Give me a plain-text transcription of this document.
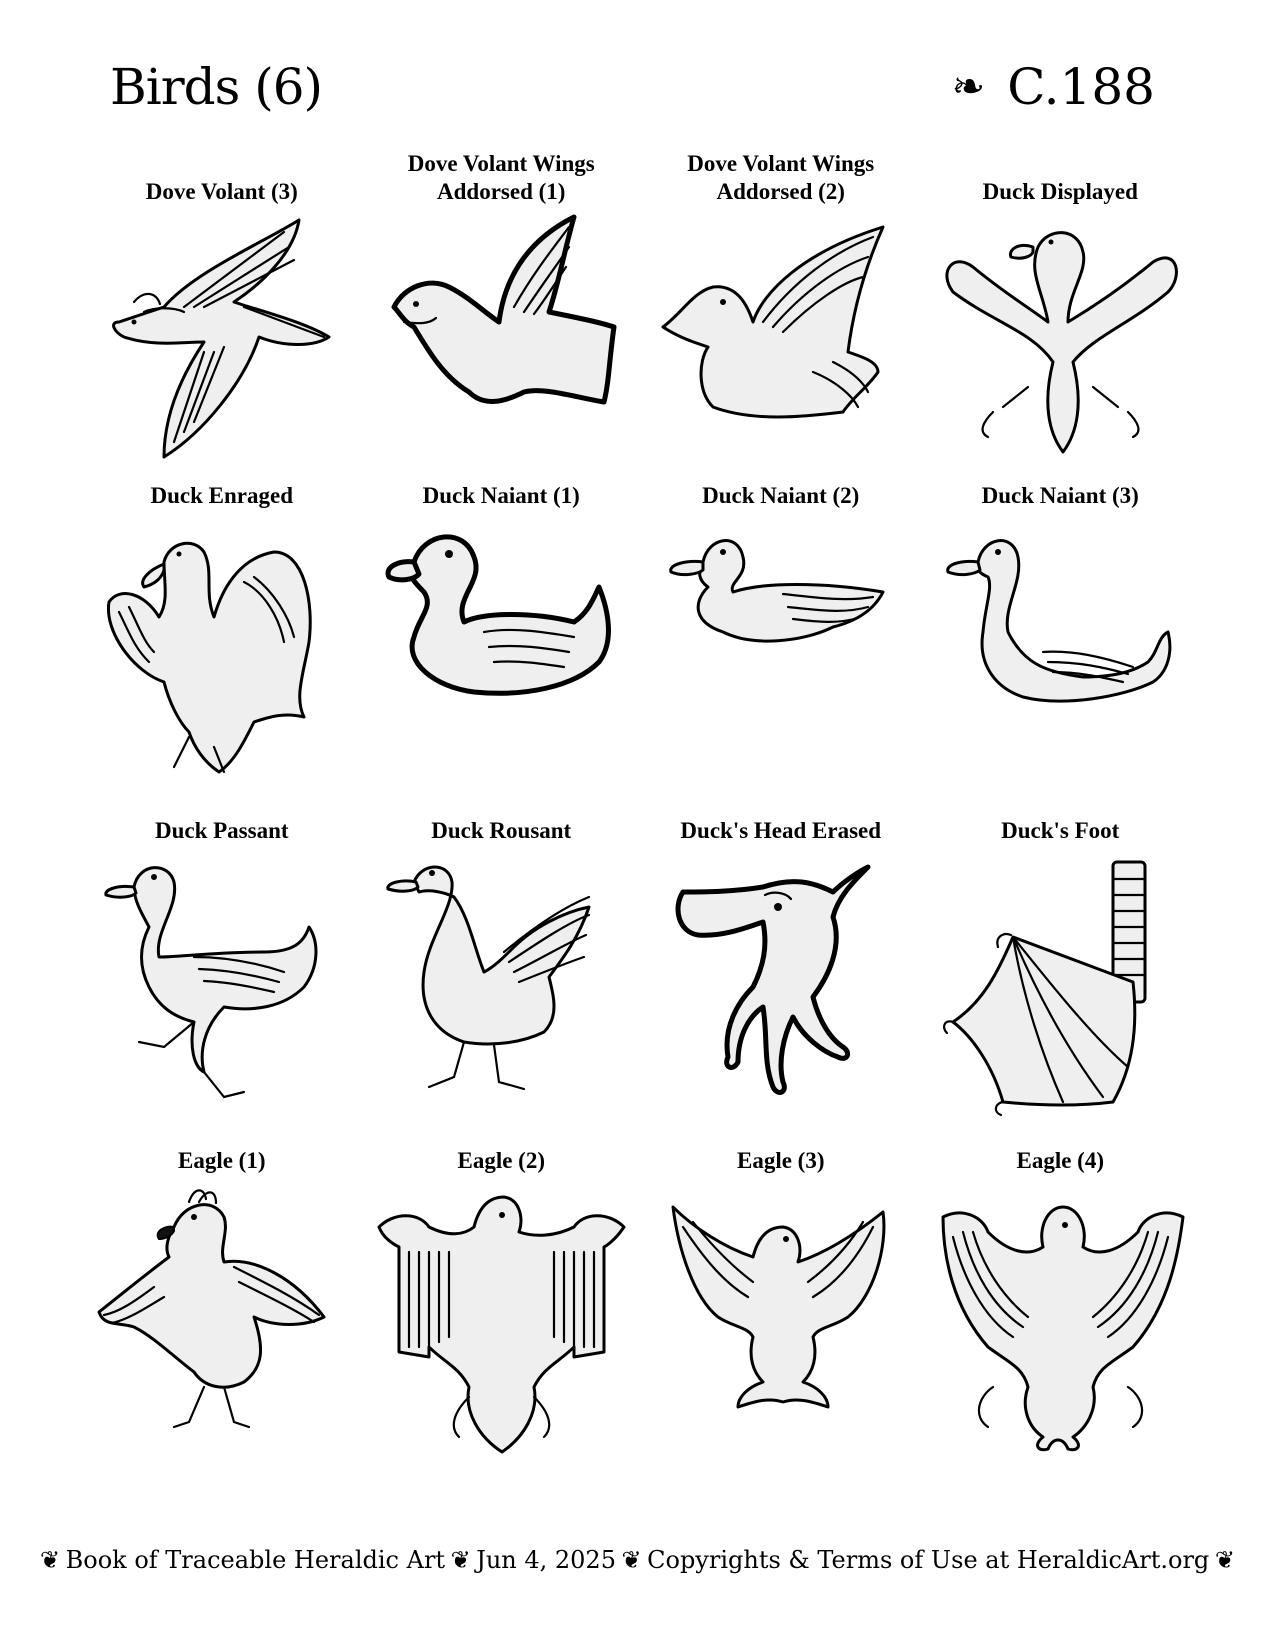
Birds (6)	❧ C.188
Dove Volant (3)
Dove Volant Wings Addorsed (1)
Dove Volant Wings Addorsed (2)	Duck Displayed
Duck Enraged	Duck Naiant (1)	Duck Naiant (2)	Duck Naiant (3)
Duck Passant	Duck Rousant	Duck's Head Erased	Duck's Foot
Eagle (1)	Eagle (2)	Eagle (3)	Eagle (4)
❦ Book of Traceable Heraldic Art ❦ Jun 4, 2025 ❦ Copyrights & Terms of Use at HeraldicArt.org ❦
